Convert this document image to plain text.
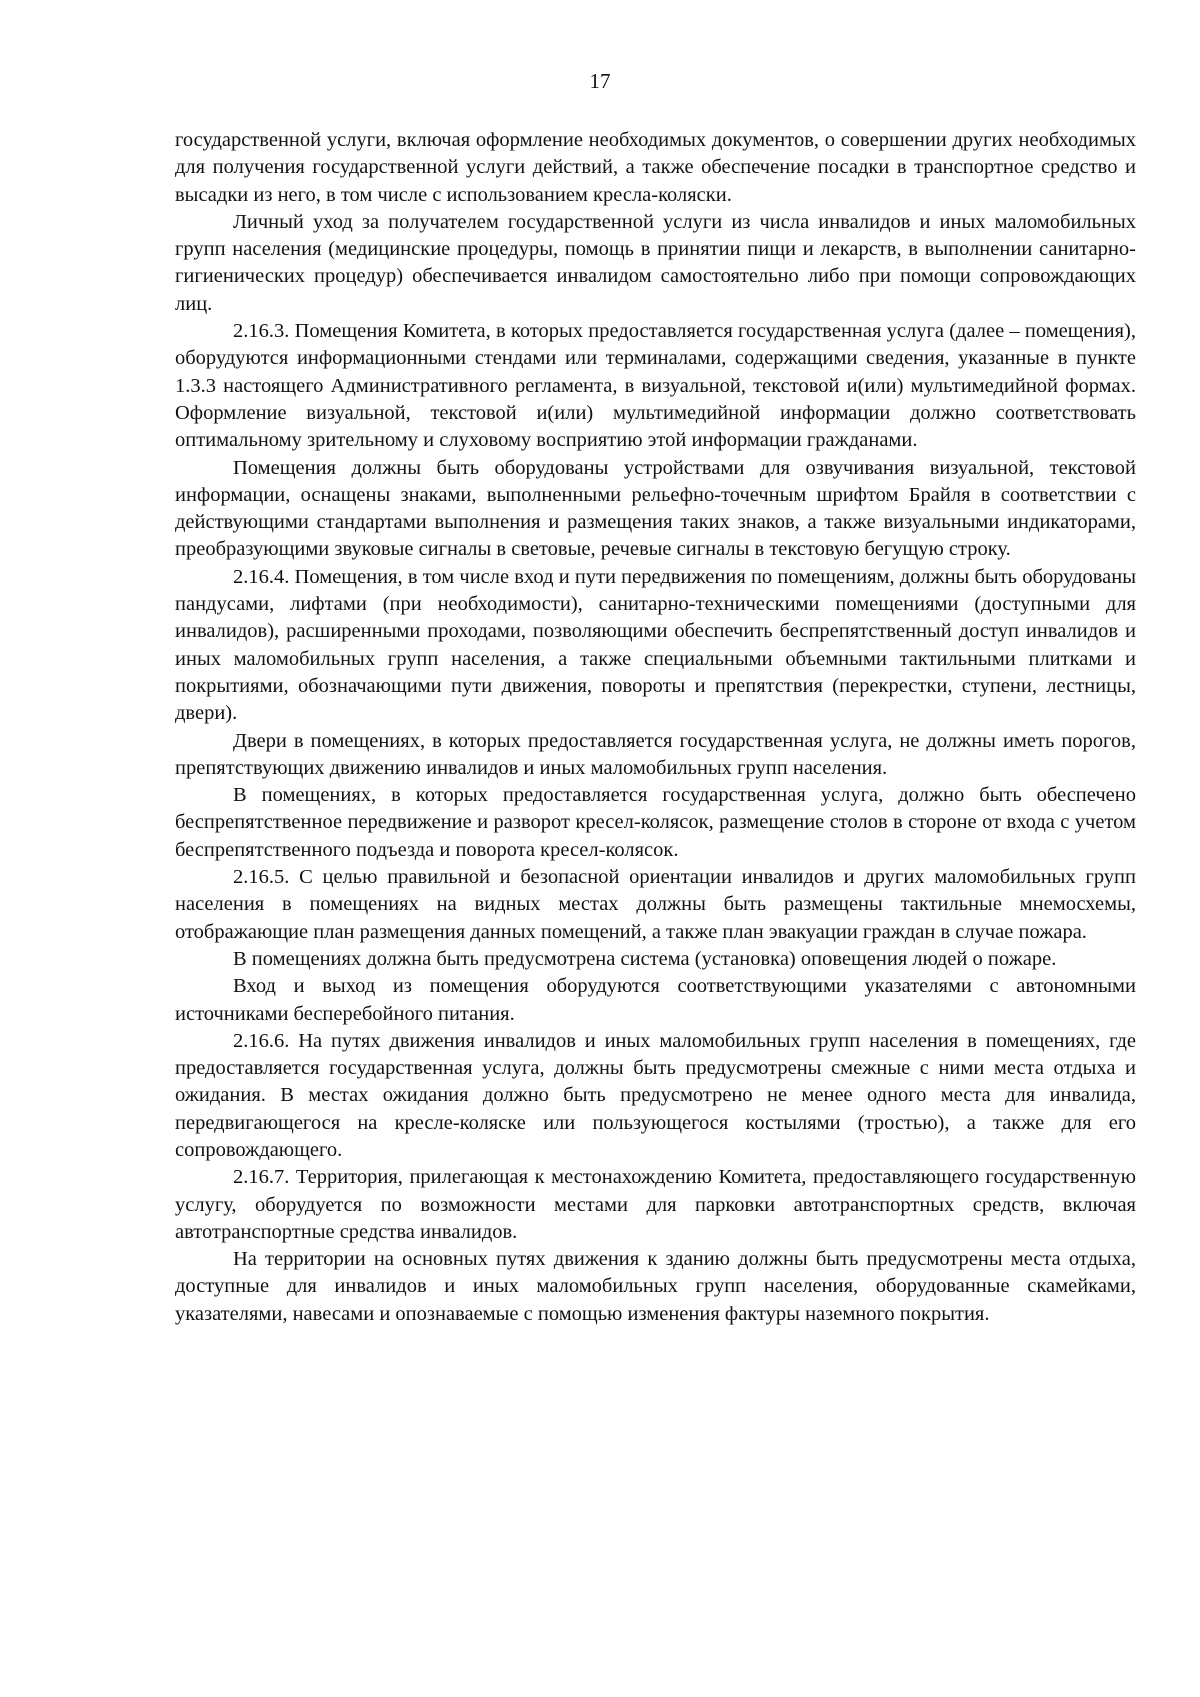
17

государственной услуги, включая оформление необходимых документов, о совершении других необходимых для получения государственной услуги действий, а также обеспечение посадки в транспортное средство и высадки из него, в том числе с использованием кресла-коляски.

Личный уход за получателем государственной услуги из числа инвалидов и иных маломобильных групп населения (медицинские процедуры, помощь в принятии пищи и лекарств, в выполнении санитарно-гигиенических процедур) обеспечивается инвалидом самостоятельно либо при помощи сопровождающих лиц.

2.16.3. Помещения Комитета, в которых предоставляется государственная услуга (далее – помещения), оборудуются информационными стендами или терминалами, содержащими сведения, указанные в пункте 1.3.3 настоящего Административного регламента, в визуальной, текстовой и(или) мультимедийной формах. Оформление визуальной, текстовой и(или) мультимедийной информации должно соответствовать оптимальному зрительному и слуховому восприятию этой информации гражданами.

Помещения должны быть оборудованы устройствами для озвучивания визуальной, текстовой информации, оснащены знаками, выполненными рельефно-точечным шрифтом Брайля в соответствии с действующими стандартами выполнения и размещения таких знаков, а также визуальными индикаторами, преобразующими звуковые сигналы в световые, речевые сигналы в текстовую бегущую строку.

2.16.4. Помещения, в том числе вход и пути передвижения по помещениям, должны быть оборудованы пандусами, лифтами (при необходимости), санитарно-техническими помещениями (доступными для инвалидов), расширенными проходами, позволяющими обеспечить беспрепятственный доступ инвалидов и иных маломобильных групп населения, а также специальными объемными тактильными плитками и покрытиями, обозначающими пути движения, повороты и препятствия (перекрестки, ступени, лестницы, двери).

Двери в помещениях, в которых предоставляется государственная услуга, не должны иметь порогов, препятствующих движению инвалидов и иных маломобильных групп населения.

В помещениях, в которых предоставляется государственная услуга, должно быть обеспечено беспрепятственное передвижение и разворот кресел-колясок, размещение столов в стороне от входа с учетом беспрепятственного подъезда и поворота кресел-колясок.

2.16.5. С целью правильной и безопасной ориентации инвалидов и других маломобильных групп населения в помещениях на видных местах должны быть размещены тактильные мнемосхемы, отображающие план размещения данных помещений, а также план эвакуации граждан в случае пожара.

В помещениях должна быть предусмотрена система (установка) оповещения людей о пожаре.

Вход и выход из помещения оборудуются соответствующими указателями с автономными источниками бесперебойного питания.

2.16.6. На путях движения инвалидов и иных маломобильных групп населения в помещениях, где предоставляется государственная услуга, должны быть предусмотрены смежные с ними места отдыха и ожидания. В местах ожидания должно быть предусмотрено не менее одного места для инвалида, передвигающегося на кресле-коляске или пользующегося костылями (тростью), а также для его сопровождающего.

2.16.7. Территория, прилегающая к местонахождению Комитета, предоставляющего государственную услугу, оборудуется по возможности местами для парковки автотранспортных средств, включая автотранспортные средства инвалидов.

На территории на основных путях движения к зданию должны быть предусмотрены места отдыха, доступные для инвалидов и иных маломобильных групп населения, оборудованные скамейками, указателями, навесами и опознаваемые с помощью изменения фактуры наземного покрытия.
